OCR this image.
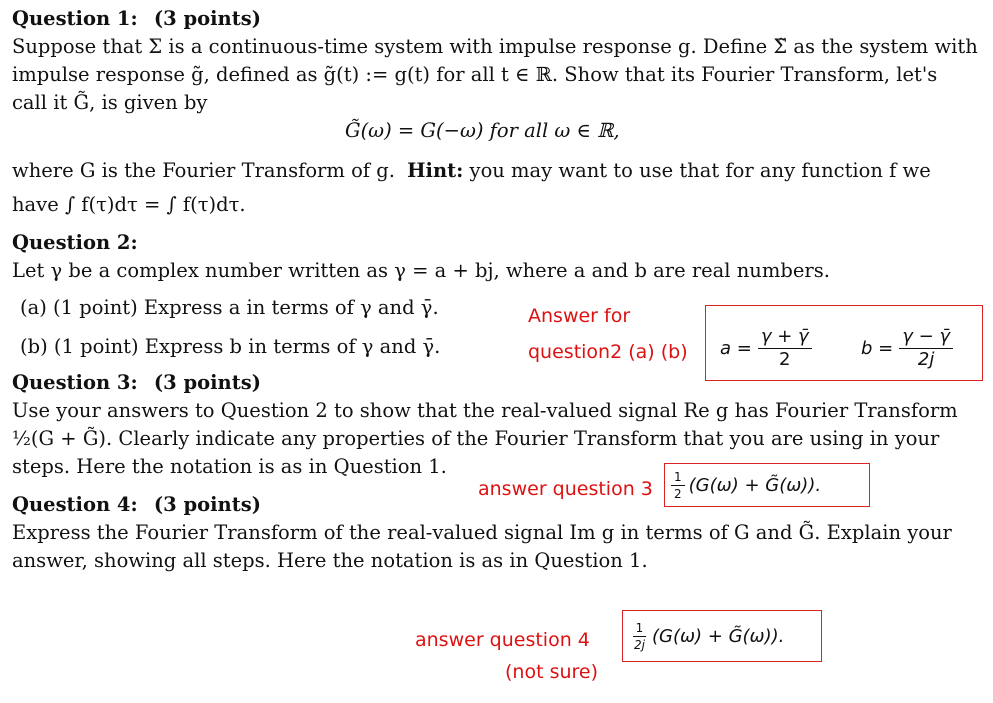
Question 1: (3 points)
Suppose that Σ is a continuous-time system with impulse response g. Define Σ̃ as the system with
impulse response g̃, defined as g̃(t) := g(t) for all t ∈ ℝ. Show that its Fourier Transform, let's
call it G̃, is given by
G̃(ω) = G(−ω) for all ω ∈ ℝ,
where G is the Fourier Transform of g. Hint: you may want to use that for any function f we
have ∫ f(τ)dτ = ∫ f(τ)dτ.
Question 2:
Let γ be a complex number written as γ = a + bj, where a and b are real numbers.
(a) (1 point) Express a in terms of γ and γ̄.
(b) (1 point) Express b in terms of γ and γ̄.
Question 3: (3 points)
Use your answers to Question 2 to show that the real-valued signal Re g has Fourier Transform
½(G + G̃). Clearly indicate any properties of the Fourier Transform that you are using in your
steps. Here the notation is as in Question 1.
Question 4: (3 points)
Express the Fourier Transform of the real-valued signal Im g in terms of G and G̃. Explain your
answer, showing all steps. Here the notation is as in Question 1.
Answer for
question2 (a) (b) $a = \frac{\gamma + \gammā}{2}$	$b = \frac{\gamma - \gammā}{2j}$
answer question $3 \frac{1}{2} (G(\omega)$ + G̃(ω)).
answer question 4
(not sure)
$\frac{1}{2j} (G(\omega)$ + G̃(ω)).
